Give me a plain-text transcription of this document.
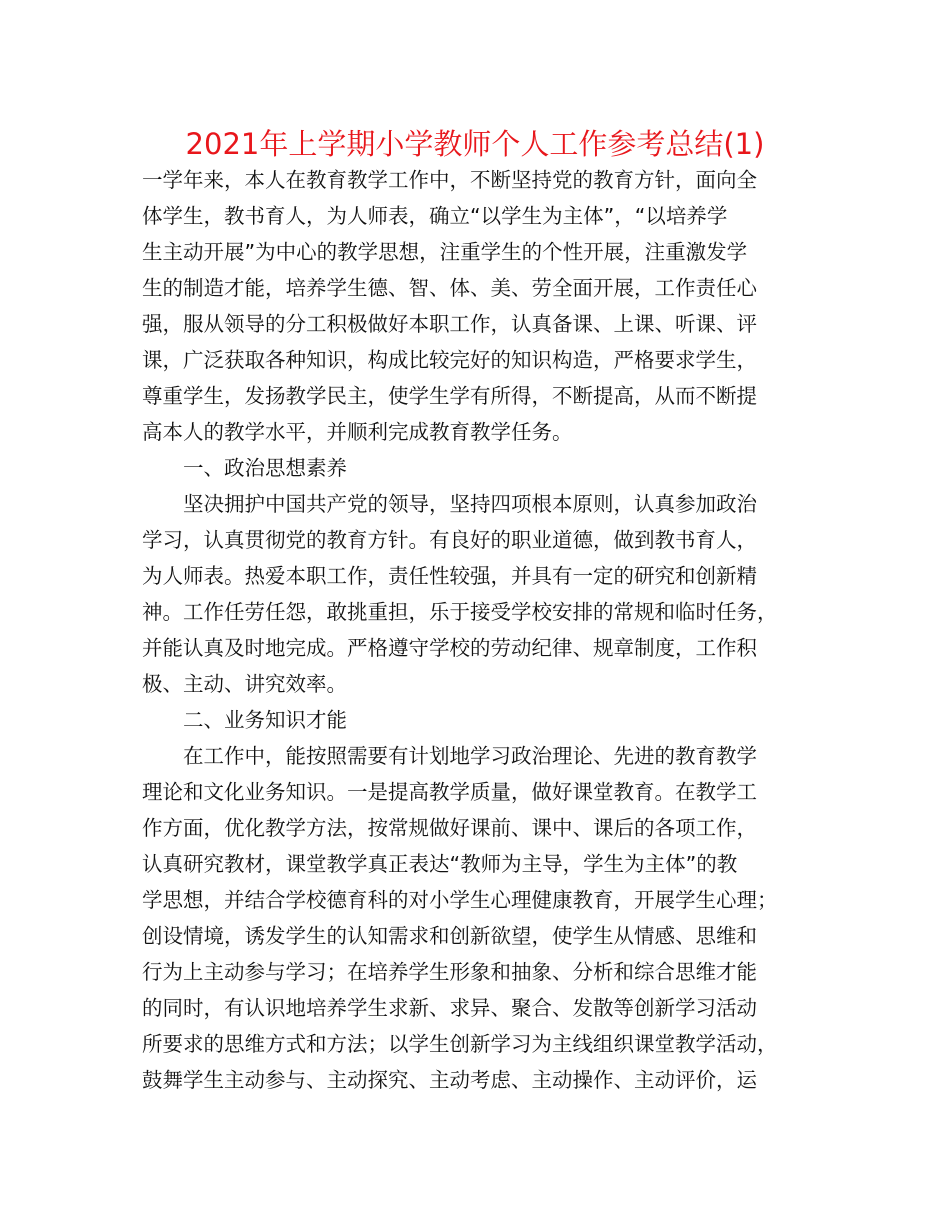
2021年上学期小学教师个人工作参考总结(1)

一学年来，本人在教育教学工作中，不断坚持党的教育方针，面向全

体学生，教书育人，为人师表，确立“以学生为主体”，“以培养学

生主动开展”为中心的教学思想，注重学生的个性开展，注重激发学

生的制造才能，培养学生德、智、体、美、劳全面开展，工作责任心

强，服从领导的分工积极做好本职工作，认真备课、上课、听课、评

课，广泛获取各种知识，构成比较完好的知识构造，严格要求学生，

尊重学生，发扬教学民主，使学生学有所得，不断提高，从而不断提

高本人的教学水平，并顺利完成教育教学任务。

一、政治思想素养

坚决拥护中国共产党的领导，坚持四项根本原则，认真参加政治

学习，认真贯彻党的教育方针。有良好的职业道德，做到教书育人，

为人师表。热爱本职工作，责任性较强，并具有一定的研究和创新精

神。工作任劳任怨，敢挑重担，乐于接受学校安排的常规和临时任务，

并能认真及时地完成。严格遵守学校的劳动纪律、规章制度，工作积

极、主动、讲究效率。

二、业务知识才能

在工作中，能按照需要有计划地学习政治理论、先进的教育教学

理论和文化业务知识。一是提高教学质量，做好课堂教育。在教学工

作方面，优化教学方法，按常规做好课前、课中、课后的各项工作，

认真研究教材，课堂教学真正表达“教师为主导，学生为主体”的教

学思想，并结合学校德育科的对小学生心理健康教育，开展学生心理；

创设情境，诱发学生的认知需求和创新欲望，使学生从情感、思维和

行为上主动参与学习；在培养学生形象和抽象、分析和综合思维才能

的同时，有认识地培养学生求新、求异、聚合、发散等创新学习活动

所要求的思维方式和方法；以学生创新学习为主线组织课堂教学活动，

鼓舞学生主动参与、主动探究、主动考虑、主动操作、主动评价，运
